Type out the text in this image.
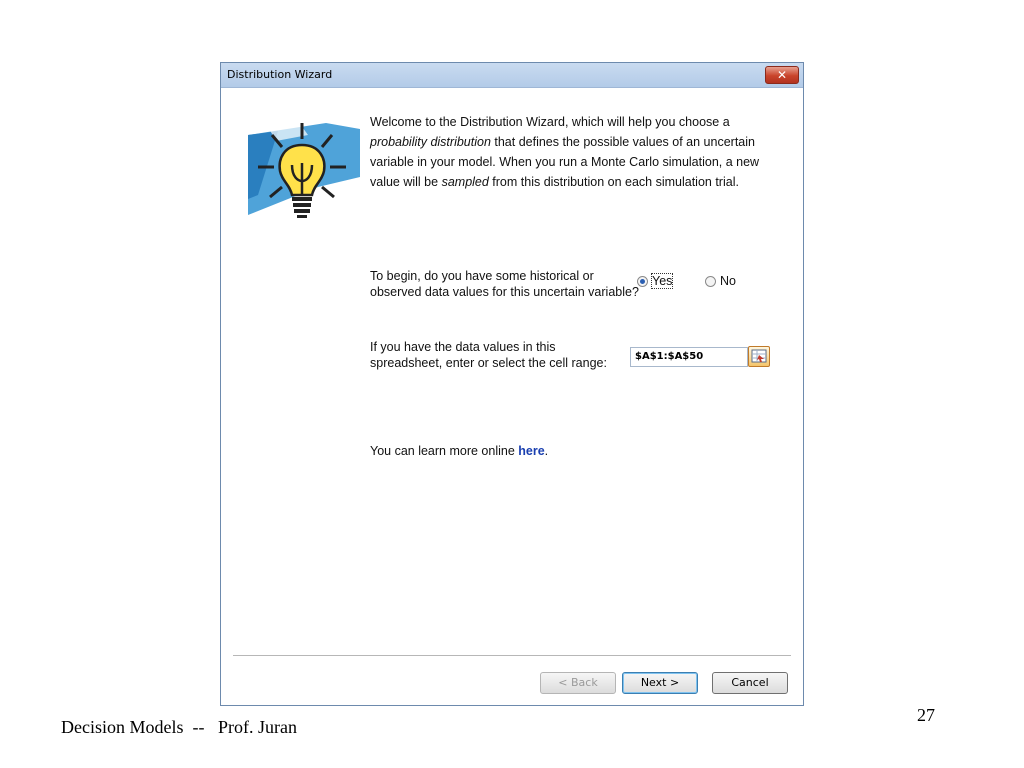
Distribution Wizard	✕
Welcome to the Distribution Wizard, which will help you choose a probability distribution that defines the possible values of an uncertain variable in your model. When you run a Monte Carlo simulation, a new value will be sampled from this distribution on each simulation trial.
To begin, do you have some historical or observed data values for this uncertain variable?
Yes	No
If you have the data values in this spreadsheet, enter or select the cell range:	$A$1:$A$50
You can learn more online here.
< Back	Next >	Cancel
Decision Models  --   Prof. Juran
27
